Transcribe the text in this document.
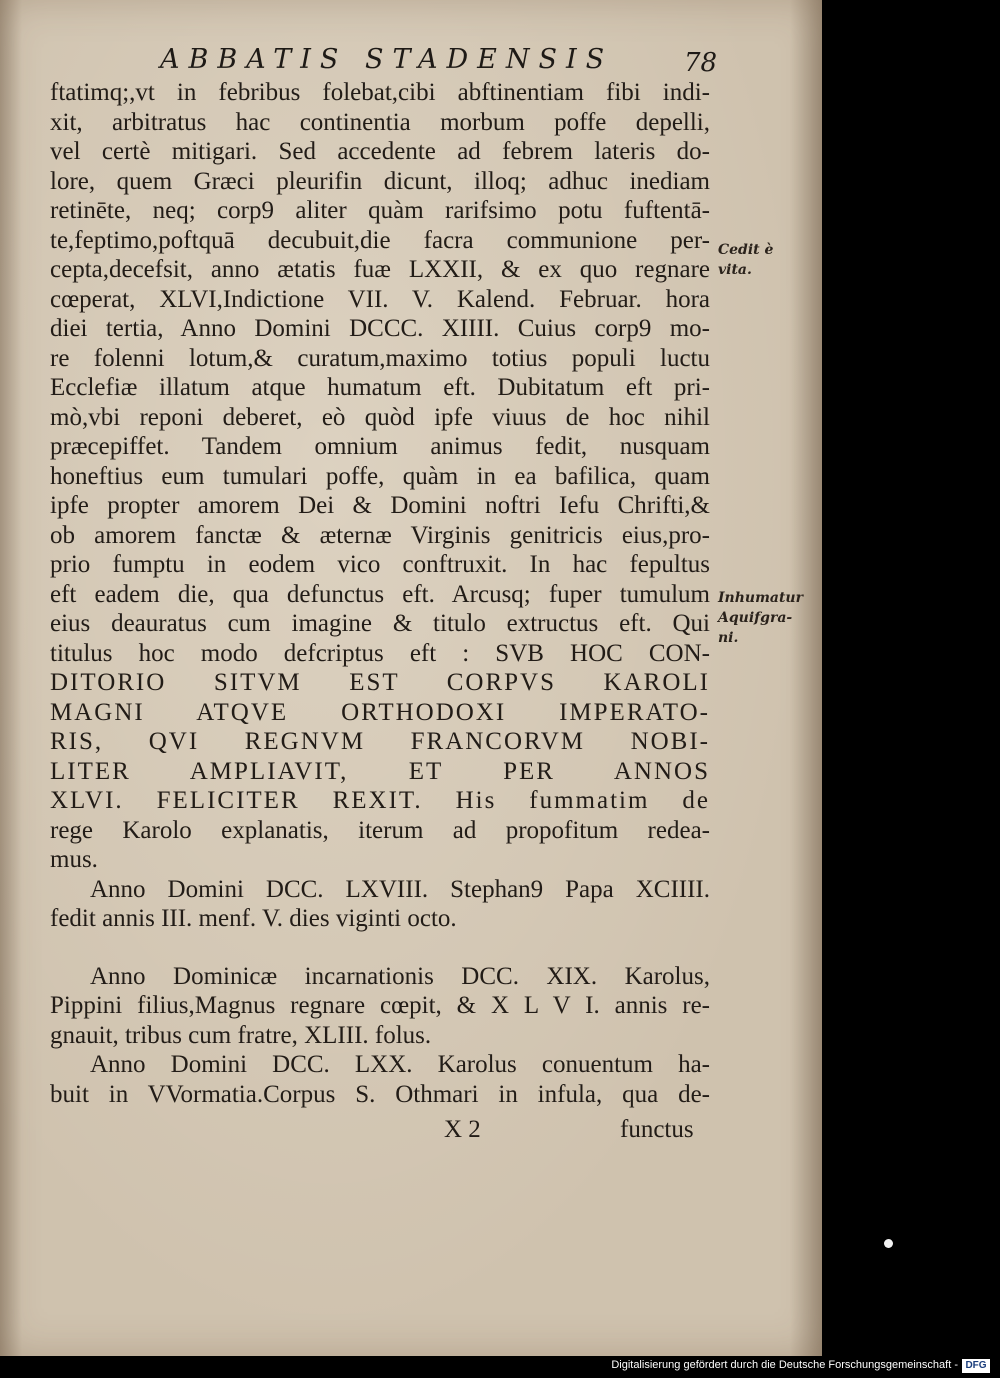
ABBATIS STADENSIS	78
ftatimq;,vt in febribus folebat,cibi abftinentiam fibi indi-
xit, arbitratus hac continentia morbum poffe depelli,
vel certè mitigari. Sed accedente ad febrem lateris do-
lore, quem Græci pleurifin dicunt, illoq; adhuc inediam
retinēte, neq; corp9 aliter quàm rarifsimo potu fuftentā-
te,feptimo,poftquā decubuit,die facra communione per-
cepta,decefsit, anno ætatis fuæ LXXII, & ex quo regnare
cœperat, XLVI,Indictione VII. V. Kalend. Februar. hora
diei tertia, Anno Domini DCCC. XIIII. Cuius corp9 mo-
re folenni lotum,& curatum,maximo totius populi luctu
Ecclefiæ illatum atque humatum eft. Dubitatum eft pri-
mò,vbi reponi deberet, eò quòd ipfe viuus de hoc nihil
præcepiffet. Tandem omnium animus fedit, nusquam
honeftius eum tumulari poffe, quàm in ea bafilica, quam
ipfe propter amorem Dei & Domini noftri Iefu Chrifti,&
ob amorem fanctæ & æternæ Virginis genitricis eius,pro-
prio fumptu in eodem vico conftruxit. In hac fepultus
eft eadem die, qua defunctus eft. Arcusq; fuper tumulum
eius deauratus cum imagine & titulo extructus eft. Qui
titulus hoc modo defcriptus eft : SVB HOC CON-
DITORIO SITVM EST CORPVS KAROLI
MAGNI ATQVE ORTHODOXI IMPERATO-
RIS, QVI REGNVM FRANCORVM NOBI-
LITER AMPLIAVIT, ET PER ANNOS
XLVI. FELICITER REXIT. His fummatim de
rege Karolo explanatis, iterum ad propofitum redea-
mus.
Anno Domini DCC. LXVIII. Stephan9 Papa XCIIII.
fedit annis III. menf. V. dies viginti octo.
Anno Dominicæ incarnationis DCC. XIX. Karolus,
Pippini filius,Magnus regnare cœpit, & X L V I. annis re-
gnauit, tribus cum fratre, XLIII. folus.
Anno Domini DCC. LXX. Karolus conuentum ha-
buit in VVormatia.Corpus S. Othmari in infula, qua de-
Cedit è
vita.
Inhumatur
Aquifgra-
ni.
X 2	functus
Digitalisierung gefördert durch die Deutsche Forschungsgemeinschaft - DFG
